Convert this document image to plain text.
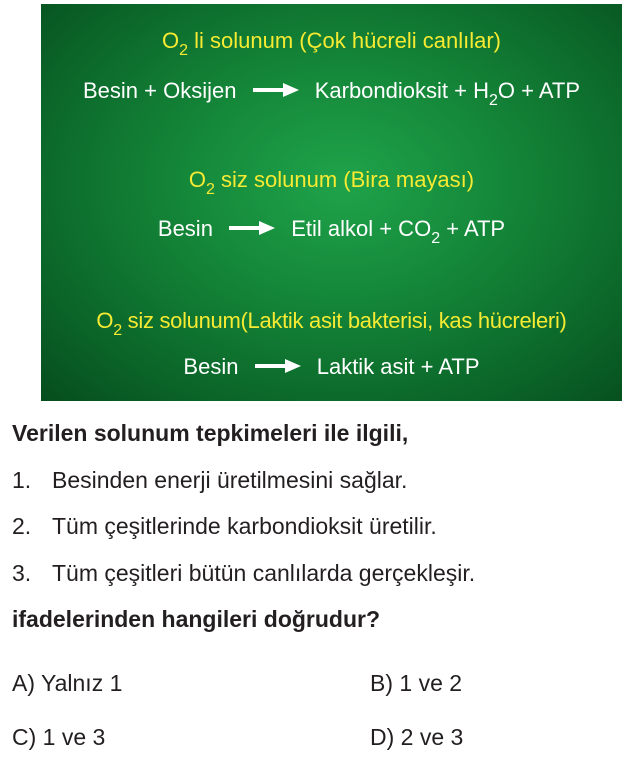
$O_2$ li solunum (Çok hücreli canlılar)
Besin + Oksijen	Karbondioksit + $H_2O$ + ATP
$O_2$ siz solunum (Bira mayası)
Besin	Etil alkol + $CO_2$ + ATP
$O_2$ siz solunum(Laktik asit bakterisi, kas hücreleri)
Besin	Laktik asit + ATP
Verilen solunum tepkimeleri ile ilgili,
1. Besinden enerji üretilmesini sağlar.
2. Tüm çeşitlerinde karbondioksit üretilir.
3. Tüm çeşitleri bütün canlılarda gerçekleşir.
ifadelerinden hangileri doğrudur?
A) Yalnız 1	B) 1 ve 2
C) 1 ve 3	D) 2 ve 3
